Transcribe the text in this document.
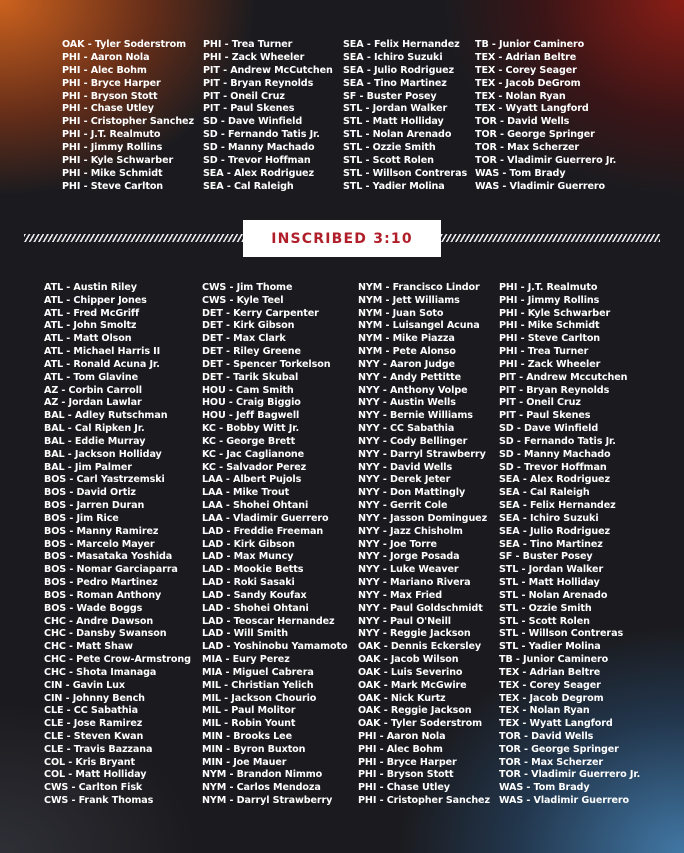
OAK - Tyler Soderstrom
PHI - Aaron Nola
PHI - Alec Bohm
PHI - Bryce Harper
PHI - Bryson Stott
PHI - Chase Utley
PHI - Cristopher Sanchez
PHI - J.T. Realmuto
PHI - Jimmy Rollins
PHI - Kyle Schwarber
PHI - Mike Schmidt
PHI - Steve Carlton
PHI - Trea Turner
PHI - Zack Wheeler
PIT - Andrew McCutchen
PIT - Bryan Reynolds
PIT - Oneil Cruz
PIT - Paul Skenes
SD - Dave Winfield
SD - Fernando Tatis Jr.
SD - Manny Machado
SD - Trevor Hoffman
SEA - Alex Rodriguez
SEA - Cal Raleigh
SEA - Felix Hernandez
SEA - Ichiro Suzuki
SEA - Julio Rodriguez
SEA - Tino Martinez
SF - Buster Posey
STL - Jordan Walker
STL - Matt Holliday
STL - Nolan Arenado
STL - Ozzie Smith
STL - Scott Rolen
STL - Willson Contreras
STL - Yadier Molina
TB - Junior Caminero
TEX - Adrian Beltre
TEX - Corey Seager
TEX - Jacob DeGrom
TEX - Nolan Ryan
TEX - Wyatt Langford
TOR - David Wells
TOR - George Springer
TOR - Max Scherzer
TOR - Vladimir Guerrero Jr.
WAS - Tom Brady
WAS - Vladimir Guerrero
INSCRIBED 3:10
ATL - Austin Riley
ATL - Chipper Jones
ATL - Fred McGriff
ATL - John Smoltz
ATL - Matt Olson
ATL - Michael Harris II
ATL - Ronald Acuna Jr.
ATL - Tom Glavine
AZ - Corbin Carroll
AZ - Jordan Lawlar
BAL - Adley Rutschman
BAL - Cal Ripken Jr.
BAL - Eddie Murray
BAL - Jackson Holliday
BAL - Jim Palmer
BOS - Carl Yastrzemski
BOS - David Ortiz
BOS - Jarren Duran
BOS - Jim Rice
BOS - Manny Ramirez
BOS - Marcelo Mayer
BOS - Masataka Yoshida
BOS - Nomar Garciaparra
BOS - Pedro Martinez
BOS - Roman Anthony
BOS - Wade Boggs
CHC - Andre Dawson
CHC - Dansby Swanson
CHC - Matt Shaw
CHC - Pete Crow-Armstrong
CHC - Shota Imanaga
CIN - Gavin Lux
CIN - Johnny Bench
CLE - CC Sabathia
CLE - Jose Ramirez
CLE - Steven Kwan
CLE - Travis Bazzana
COL - Kris Bryant
COL - Matt Holliday
CWS - Carlton Fisk
CWS - Frank Thomas
CWS - Jim Thome
CWS - Kyle Teel
DET - Kerry Carpenter
DET - Kirk Gibson
DET - Max Clark
DET - Riley Greene
DET - Spencer Torkelson
DET - Tarik Skubal
HOU - Cam Smith
HOU - Craig Biggio
HOU - Jeff Bagwell
KC - Bobby Witt Jr.
KC - George Brett
KC - Jac Caglianone
KC - Salvador Perez
LAA - Albert Pujols
LAA - Mike Trout
LAA - Shohei Ohtani
LAA - Vladimir Guerrero
LAD - Freddie Freeman
LAD - Kirk Gibson
LAD - Max Muncy
LAD - Mookie Betts
LAD - Roki Sasaki
LAD - Sandy Koufax
LAD - Shohei Ohtani
LAD - Teoscar Hernandez
LAD - Will Smith
LAD - Yoshinobu Yamamoto
MIA - Eury Perez
MIA - Miguel Cabrera
MIL - Christian Yelich
MIL - Jackson Chourio
MIL - Paul Molitor
MIL - Robin Yount
MIN - Brooks Lee
MIN - Byron Buxton
MIN - Joe Mauer
NYM - Brandon Nimmo
NYM - Carlos Mendoza
NYM - Darryl Strawberry
NYM - Francisco Lindor
NYM - Jett Williams
NYM - Juan Soto
NYM - Luisangel Acuna
NYM - Mike Piazza
NYM - Pete Alonso
NYY - Aaron Judge
NYY - Andy Pettitte
NYY - Anthony Volpe
NYY - Austin Wells
NYY - Bernie Williams
NYY - CC Sabathia
NYY - Cody Bellinger
NYY - Darryl Strawberry
NYY - David Wells
NYY - Derek Jeter
NYY - Don Mattingly
NYY - Gerrit Cole
NYY - Jasson Dominguez
NYY - Jazz Chisholm
NYY - Joe Torre
NYY - Jorge Posada
NYY - Luke Weaver
NYY - Mariano Rivera
NYY - Max Fried
NYY - Paul Goldschmidt
NYY - Paul O'Neill
NYY - Reggie Jackson
OAK - Dennis Eckersley
OAK - Jacob Wilson
OAK - Luis Severino
OAK - Mark McGwire
OAK - Nick Kurtz
OAK - Reggie Jackson
OAK - Tyler Soderstrom
PHI - Aaron Nola
PHI - Alec Bohm
PHI - Bryce Harper
PHI - Bryson Stott
PHI - Chase Utley
PHI - Cristopher Sanchez
PHI - J.T. Realmuto
PHI - Jimmy Rollins
PHI - Kyle Schwarber
PHI - Mike Schmidt
PHI - Steve Carlton
PHI - Trea Turner
PHI - Zack Wheeler
PIT - Andrew Mccutchen
PIT - Bryan Reynolds
PIT - Oneil Cruz
PIT - Paul Skenes
SD - Dave Winfield
SD - Fernando Tatis Jr.
SD - Manny Machado
SD - Trevor Hoffman
SEA - Alex Rodriguez
SEA - Cal Raleigh
SEA - Felix Hernandez
SEA - Ichiro Suzuki
SEA - Julio Rodriguez
SEA - Tino Martinez
SF - Buster Posey
STL - Jordan Walker
STL - Matt Holliday
STL - Nolan Arenado
STL - Ozzie Smith
STL - Scott Rolen
STL - Willson Contreras
STL - Yadier Molina
TB - Junior Caminero
TEX - Adrian Beltre
TEX - Corey Seager
TEX - Jacob Degrom
TEX - Nolan Ryan
TEX - Wyatt Langford
TOR - David Wells
TOR - George Springer
TOR - Max Scherzer
TOR - Vladimir Guerrero Jr.
WAS - Tom Brady
WAS - Vladimir Guerrero
